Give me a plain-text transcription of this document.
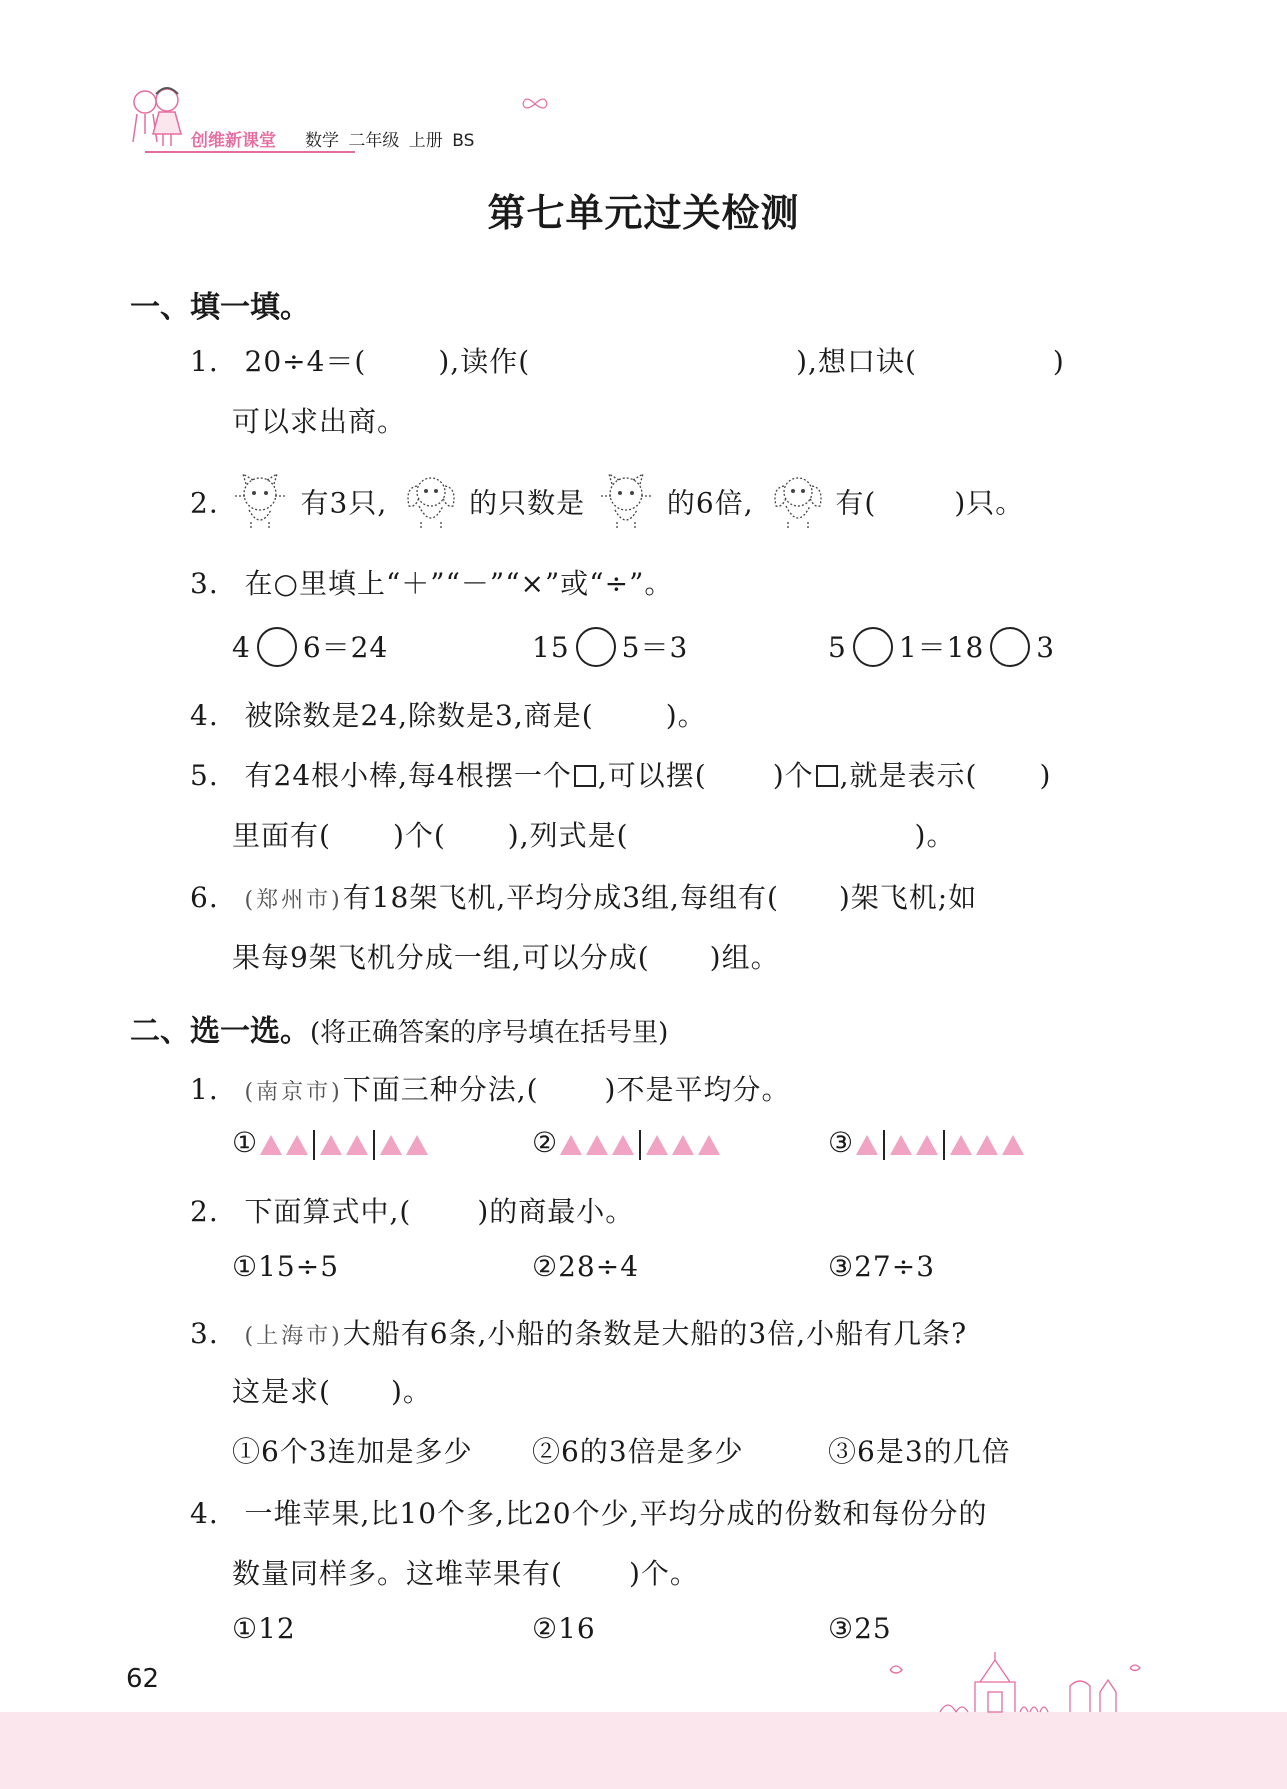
创维新课堂 数学 二年级 上册 BS
第七单元过关检测
一、填一填。
1. 20÷4＝(	),读作(	),想口诀(	)
可以求出商。
2.	有3只,	的只数是	的6倍,	有(	)只。
3. 在○里填上“＋”“－”“×”或“÷”。
4 6＝24	15 5＝3	5 1＝18 3
4. 被除数是24,除数是3,商是(	)。
5. 有24根小棒,每4根摆一个 ,可以摆( )个 ,就是表示( )
里面有( )个( ),列式是(	)。
6. (郑州市)有18架飞机,平均分成3组,每组有( )架飞机;如
果每9架飞机分成一组,可以分成( )组。
二、选一选。(将正确答案的序号填在括号里)
1. (南京市)下面三种分法,( )不是平均分。
①	②	③
2. 下面算式中,( )的商最小。
①15÷5	②28÷4	③27÷3
3. (上海市)大船有6条,小船的条数是大船的3倍,小船有几条?
这是求( )。
①6个3连加是多少 ②6的3倍是多少	③6是3的几倍
4. 一堆苹果,比10个多,比20个少,平均分成的份数和每份分的
数量同样多。这堆苹果有( )个。
①12	②16	③25
62
